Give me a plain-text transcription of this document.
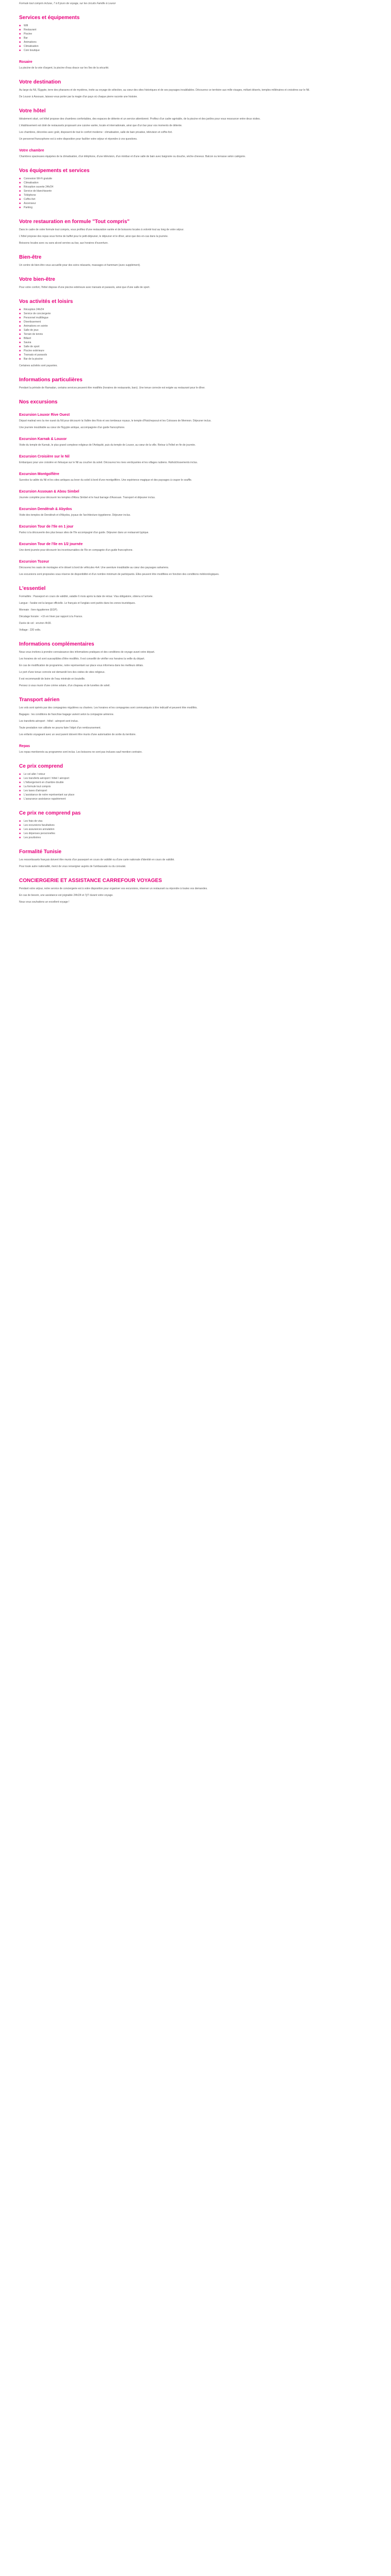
Formule tout compris incluse, 7 à 8 jours de voyage, sur les circuits Famille à Louxor

Services et équipements
■ Wifi
■ Restaurant
■ Piscine
■ Bar
■ Animations
■ Climatisation
■ Coin boutique
Rosaire

La piscine de la voie d'argent, la piscine d'eau douce sur les îles de la sécurité.

Votre destination

Au large du Nil, l'Egypte, terre des pharaons et de mystères, invite au voyage de sélection, au cœur des sites historiques et de ses paysages inoubliables. Découvrez ce territoire aux mille visages, mêlant déserts, temples millénaires et croisières sur le Nil.

De Louxor à Assouan, laissez-vous porter par la magie d'un pays où chaque pierre raconte une histoire.

Votre hôtel

Idéalement situé, cet hôtel propose des chambres confortables, des espaces de détente et un service attentionné. Profitez d'un cadre agréable, de la piscine et des jardins pour vous ressourcer entre deux visites.

L'établissement est doté de restaurants proposant une cuisine variée, locale et internationale, ainsi que d'un bar pour vos moments de détente.

Les chambres, décorées avec goût, disposent de tout le confort moderne : climatisation, salle de bain privative, télévision et coffre-fort.

Un personnel francophone est à votre disposition pour faciliter votre séjour et répondre à vos questions.

Votre chambre

Chambres spacieuses équipées de la climatisation, d'un téléphone, d'une télévision, d'un minibar et d'une salle de bain avec baignoire ou douche, sèche-cheveux. Balcon ou terrasse selon catégorie.

Vos équipements et services
■ Connexion Wi-Fi gratuite
■ Climatisation
■ Réception ouverte 24h/24
■ Service de blanchisserie
■ Téléphone
■ Coffre-fort
■ Ascenseur
■ Parking
Votre restauration en formule "Tout compris"

Dans le cadre de votre formule tout compris, vous profitez d'une restauration variée et de boissons locales à volonté tout au long de votre séjour.

L'hôtel propose des repas sous forme de buffet pour le petit-déjeuner, le déjeuner et le dîner, ainsi que des en-cas dans la journée.

Boissons locales avec ou sans alcool servies au bar, aux horaires d'ouverture.

Bien-être

Un centre de bien-être vous accueille pour des soins relaxants, massages et hammam (avec supplément).

Votre bien-être

Pour votre confort, l'hôtel dispose d'une piscine extérieure avec transats et parasols, ainsi que d'une salle de sport.

Vos activités et loisirs
■ Réception 24h/24
■ Service de conciergerie
■ Personnel multilingue
■ Divertissement
■ Animations en soirée
■ Salle de jeux
■ Terrain de tennis
■ Billard
■ Sauna
■ Salle de sport
■ Piscine extérieure
■ Transats et parasols
■ Bar de la piscine

Certaines activités sont payantes.

Informations particulières

Pendant la période de Ramadan, certains services peuvent être modifiés (horaires de restaurants, bars). Une tenue correcte est exigée au restaurant pour le dîner.

Nos excursions
Excursion Louxor Rive Ouest

Départ matinal vers la rive ouest du Nil pour découvrir la Vallée des Rois et ses tombeaux royaux, le temple d'Hatchepsout et les Colosses de Memnon. Déjeuner inclus.

Une journée inoubliable au cœur de l'Egypte antique, accompagnée d'un guide francophone.

Excursion Karnak & Louxor

Visite du temple de Karnak, le plus grand complexe religieux de l'Antiquité, puis du temple de Louxor, au cœur de la ville. Retour à l'hôtel en fin de journée.

Excursion Croisière sur le Nil

Embarquez pour une croisière en felouque sur le Nil au coucher du soleil. Découvrez les rives verdoyantes et les villages nubiens. Rafraîchissements inclus.

Excursion Montgolfière

Survolez la vallée du Nil et les sites antiques au lever du soleil à bord d'une montgolfière. Une expérience magique et des paysages à couper le souffle.

Excursion Assouan & Abou Simbel

Journée complète pour découvrir les temples d'Abou Simbel et le haut barrage d'Assouan. Transport et déjeuner inclus.

Excursion Dendérah & Abydos

Visite des temples de Dendérah et d'Abydos, joyaux de l'architecture égyptienne. Déjeuner inclus.

Excursion Tour de l'Ile en 1 jour

Partez à la découverte des plus beaux sites de l'île accompagné d'un guide. Déjeuner dans un restaurant typique.

Excursion Tour de l'Ile en 1/2 journée

Une demi-journée pour découvrir les incontournables de l'île en compagnie d'un guide francophone.

Excursion Tozeur

Découvrez les oasis de montagne et le désert à bord de véhicules 4x4. Une aventure inoubliable au cœur des paysages sahariens.

Les excursions sont proposées sous réserve de disponibilité et d'un nombre minimum de participants. Elles peuvent être modifiées en fonction des conditions météorologiques.

L'essentiel

Formalités : Passeport en cours de validité, valable 6 mois après la date de retour. Visa obligatoire, obtenu à l'arrivée.

Langue : l'arabe est la langue officielle. Le français et l'anglais sont parlés dans les zones touristiques.

Monnaie : livre égyptienne (EGP).

Décalage horaire : +1h en hiver par rapport à la France.

Durée de vol : environ 4h30.

Voltage : 220 volts.

Informations complémentaires

Nous vous invitons à prendre connaissance des informations pratiques et des conditions de voyage avant votre départ.

Les horaires de vol sont susceptibles d'être modifiés. Il est conseillé de vérifier vos horaires la veille du départ.

En cas de modification de programme, notre représentant sur place vous informera dans les meilleurs délais.

Le port d'une tenue correcte est demandé lors des visites de sites religieux.

Il est recommandé de boire de l'eau minérale en bouteille.

Pensez à vous munir d'une crème solaire, d'un chapeau et de lunettes de soleil.

Transport aérien

Les vols sont opérés par des compagnies régulières ou charters. Les horaires et les compagnies sont communiqués à titre indicatif et peuvent être modifiés.

Bagages : les conditions de franchise bagage varient selon la compagnie aérienne.

Les transferts aéroport - hôtel - aéroport sont inclus.

Toute prestation non utilisée ne pourra faire l'objet d'un remboursement.

Les enfants voyageant avec un seul parent doivent être munis d'une autorisation de sortie du territoire.

Repas

Les repas mentionnés au programme sont inclus. Les boissons ne sont pas incluses sauf mention contraire.

Ce prix comprend
■ Le vol aller / retour
■ Les transferts aéroport / hôtel / aéroport
■ L'hébergement en chambre double
■ La formule tout compris
■ Les taxes d'aéroport
■ L'assistance de notre représentant sur place
■ L'assurance assistance rapatriement
Ce prix ne comprend pas
■ Les frais de visa
■ Les excursions facultatives
■ Les assurances annulation
■ Les dépenses personnelles
■ Les pourboires
Formalité Tunisie

Les ressortissants français doivent être munis d'un passeport en cours de validité ou d'une carte nationale d'identité en cours de validité.

Pour toute autre nationalité, merci de vous renseigner auprès de l'ambassade ou du consulat.

CONCIERGERIE ET ASSISTANCE CARREFOUR VOYAGES

Pendant votre séjour, notre service de conciergerie est à votre disposition pour organiser vos excursions, réserver un restaurant ou répondre à toutes vos demandes.

En cas de besoin, une assistance est joignable 24h/24 et 7j/7 durant votre voyage.

Nous vous souhaitons un excellent voyage !
